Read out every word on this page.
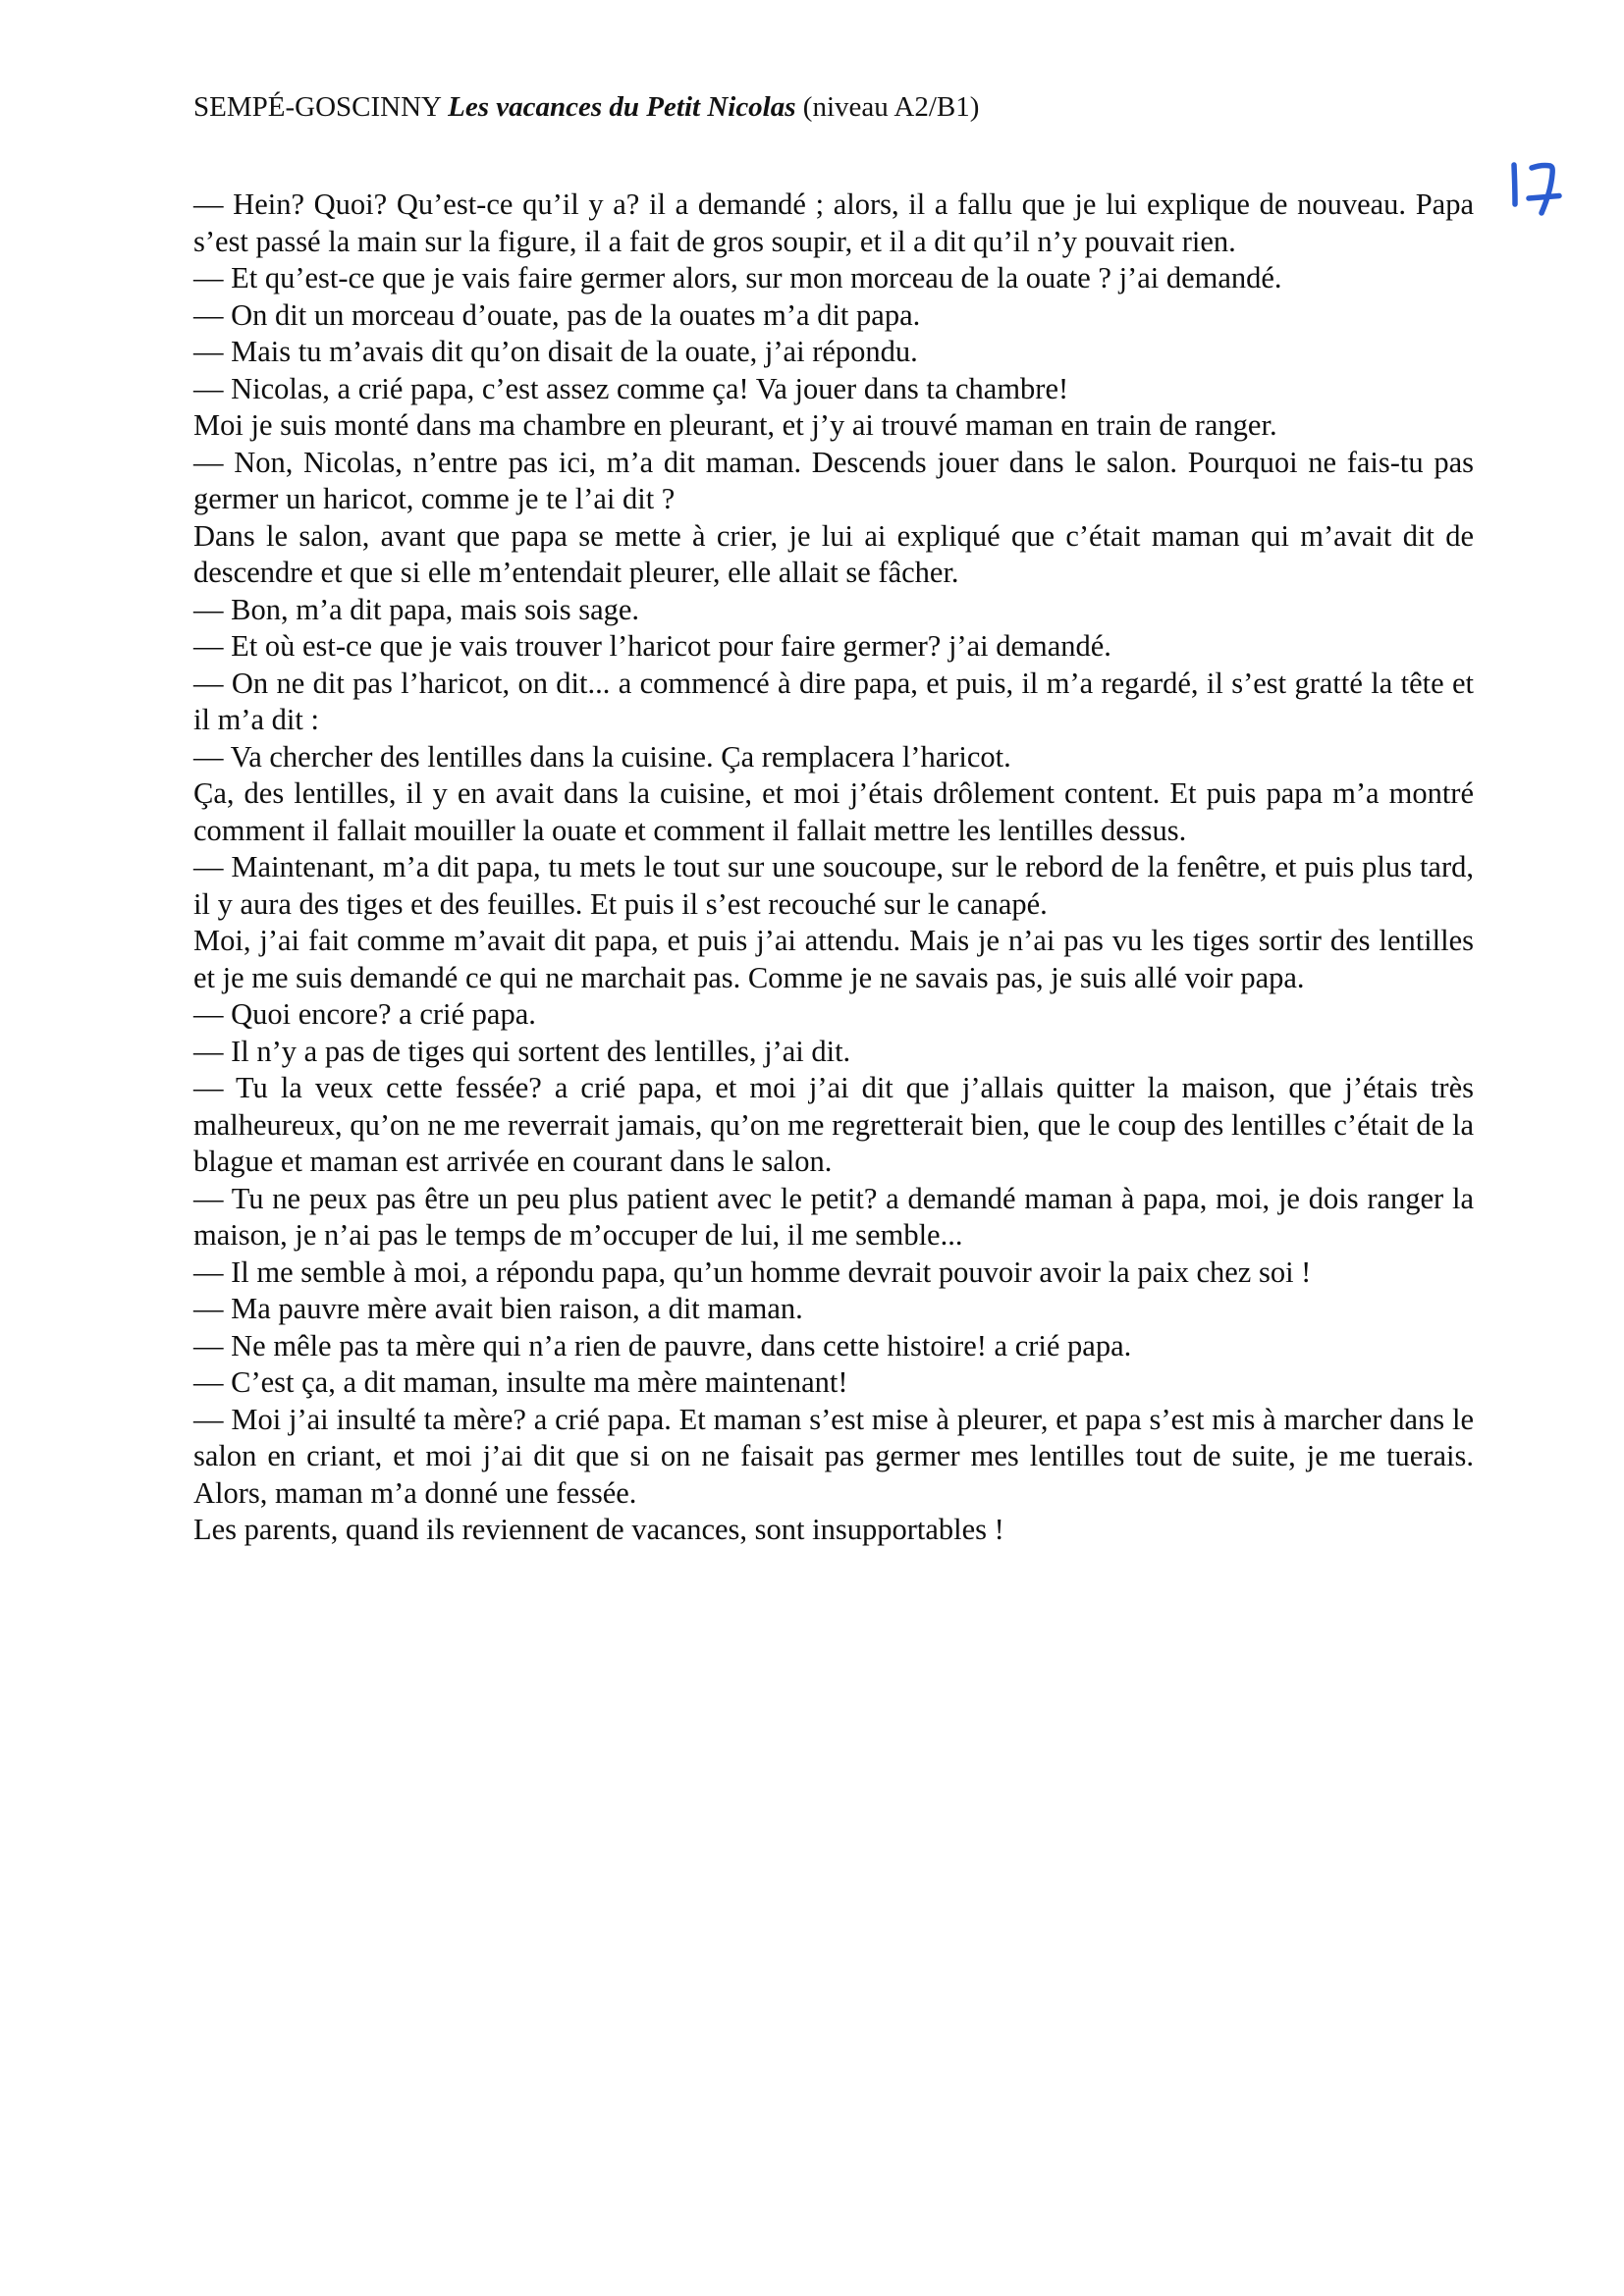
SEMPÉ-GOSCINNY Les vacances du Petit Nicolas (niveau A2/B1)

— Hein? Quoi? Qu’est-ce qu’il y a? il a demandé ; alors, il a fallu que je lui explique de nouveau. Papa s’est passé la main sur la figure, il a fait de gros soupir, et il a dit qu’il n’y pouvait rien.

— Et qu’est-ce que je vais faire germer alors, sur mon morceau de la ouate ? j’ai demandé.

— On dit un morceau d’ouate, pas de la ouates m’a dit papa.

— Mais tu m’avais dit qu’on disait de la ouate, j’ai répondu.

— Nicolas, a crié papa, c’est assez comme ça! Va jouer dans ta chambre!

Moi je suis monté dans ma chambre en pleurant, et j’y ai trouvé maman en train de ranger.

— Non, Nicolas, n’entre pas ici, m’a dit maman. Descends jouer dans le salon. Pourquoi ne fais-tu pas germer un haricot, comme je te l’ai dit ?

Dans le salon, avant que papa se mette à crier, je lui ai expliqué que c’était maman qui m’avait dit de descendre et que si elle m’entendait pleurer, elle allait se fâcher.

— Bon, m’a dit papa, mais sois sage.

— Et où est-ce que je vais trouver l’haricot pour faire germer? j’ai demandé.

— On ne dit pas l’haricot, on dit... a commencé à dire papa, et puis, il m’a regardé, il s’est gratté la tête et il m’a dit :

— Va chercher des lentilles dans la cuisine. Ça remplacera l’haricot.

Ça, des lentilles, il y en avait dans la cuisine, et moi j’étais drôlement content. Et puis papa m’a montré comment il fallait mouiller la ouate et comment il fallait mettre les lentilles dessus.

— Maintenant, m’a dit papa, tu mets le tout sur une soucoupe, sur le rebord de la fenêtre, et puis plus tard, il y aura des tiges et des feuilles. Et puis il s’est recouché sur le canapé.

Moi, j’ai fait comme m’avait dit papa, et puis j’ai attendu. Mais je n’ai pas vu les tiges sortir des lentilles et je me suis demandé ce qui ne marchait pas. Comme je ne savais pas, je suis allé voir papa.

— Quoi encore? a crié papa.

— Il n’y a pas de tiges qui sortent des lentilles, j’ai dit.

— Tu la veux cette fessée? a crié papa, et moi j’ai dit que j’allais quitter la maison, que j’étais très malheureux, qu’on ne me reverrait jamais, qu’on me regretterait bien, que le coup des lentilles c’était de la blague et maman est arrivée en courant dans le salon.

— Tu ne peux pas être un peu plus patient avec le petit? a demandé maman à papa, moi, je dois ranger la maison, je n’ai pas le temps de m’occuper de lui, il me semble...

— Il me semble à moi, a répondu papa, qu’un homme devrait pouvoir avoir la paix chez soi !

— Ma pauvre mère avait bien raison, a dit maman.

— Ne mêle pas ta mère qui n’a rien de pauvre, dans cette histoire! a crié papa.

— C’est ça, a dit maman, insulte ma mère maintenant!

— Moi j’ai insulté ta mère? a crié papa. Et maman s’est mise à pleurer, et papa s’est mis à marcher dans le salon en criant, et moi j’ai dit que si on ne faisait pas germer mes lentilles tout de suite, je me tuerais. Alors, maman m’a donné une fessée.

Les parents, quand ils reviennent de vacances, sont insupportables !
